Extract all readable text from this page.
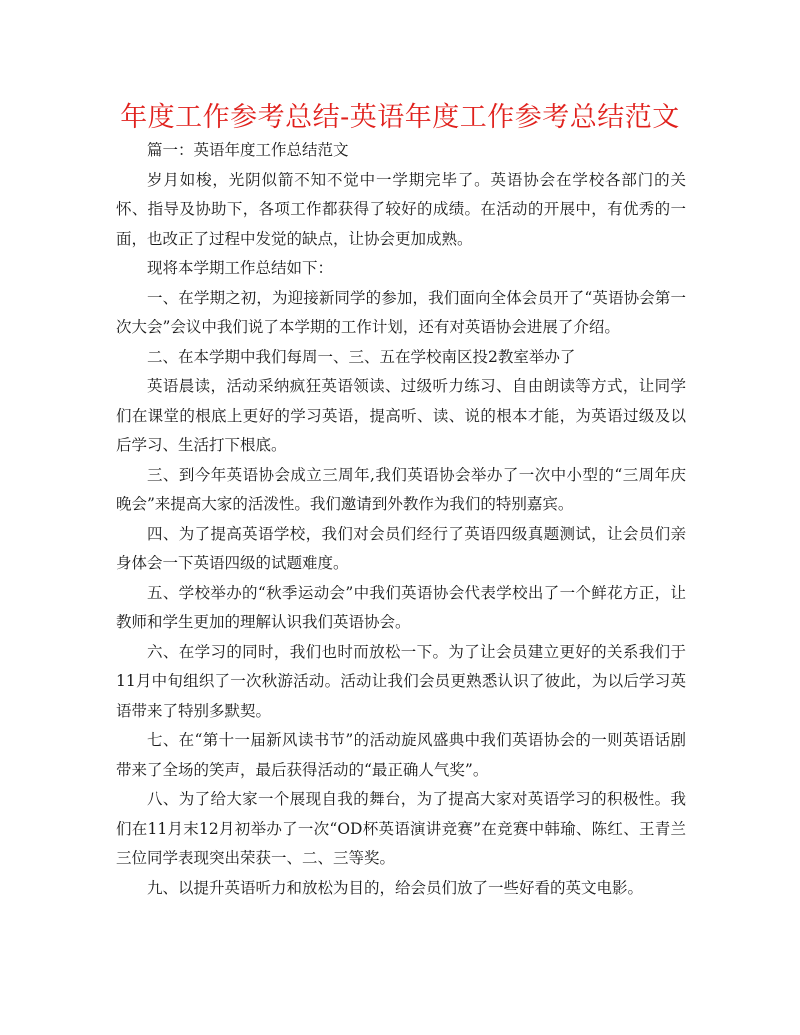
年度工作参考总结-英语年度工作参考总结范文

篇一：英语年度工作总结范文

岁月如梭，光阴似箭不知不觉中一学期完毕了。英语协会在学校各部门的关怀、指导及协助下，各项工作都获得了较好的成绩。在活动的开展中，有优秀的一面，也改正了过程中发觉的缺点，让协会更加成熟。

现将本学期工作总结如下：

一、在学期之初，为迎接新同学的参加，我们面向全体会员开了“英语协会第一次大会”会议中我们说了本学期的工作计划，还有对英语协会进展了介绍。

二、在本学期中我们每周一、三、五在学校南区投2教室举办了

英语晨读，活动采纳疯狂英语领读、过级听力练习、自由朗读等方式，让同学们在课堂的根底上更好的学习英语，提高听、读、说的根本才能，为英语过级及以后学习、生活打下根底。

三、到今年英语协会成立三周年,我们英语协会举办了一次中小型的“三周年庆晚会”来提高大家的活泼性。我们邀请到外教作为我们的特别嘉宾。

四、为了提高英语学校，我们对会员们经行了英语四级真题测试，让会员们亲身体会一下英语四级的试题难度。

五、学校举办的“秋季运动会”中我们英语协会代表学校出了一个鲜花方正，让教师和学生更加的理解认识我们英语协会。

六、在学习的同时，我们也时而放松一下。为了让会员建立更好的关系我们于11月中旬组织了一次秋游活动。活动让我们会员更熟悉认识了彼此，为以后学习英语带来了特别多默契。

七、在“第十一届新风读书节”的活动旋风盛典中我们英语协会的一则英语话剧带来了全场的笑声，最后获得活动的“最正确人气奖”。

八、为了给大家一个展现自我的舞台，为了提高大家对英语学习的积极性。我们在11月末12月初举办了一次“OD杯英语演讲竞赛”在竞赛中韩瑜、陈红、王青兰三位同学表现突出荣获一、二、三等奖。

九、以提升英语听力和放松为目的，给会员们放了一些好看的英文电影。
